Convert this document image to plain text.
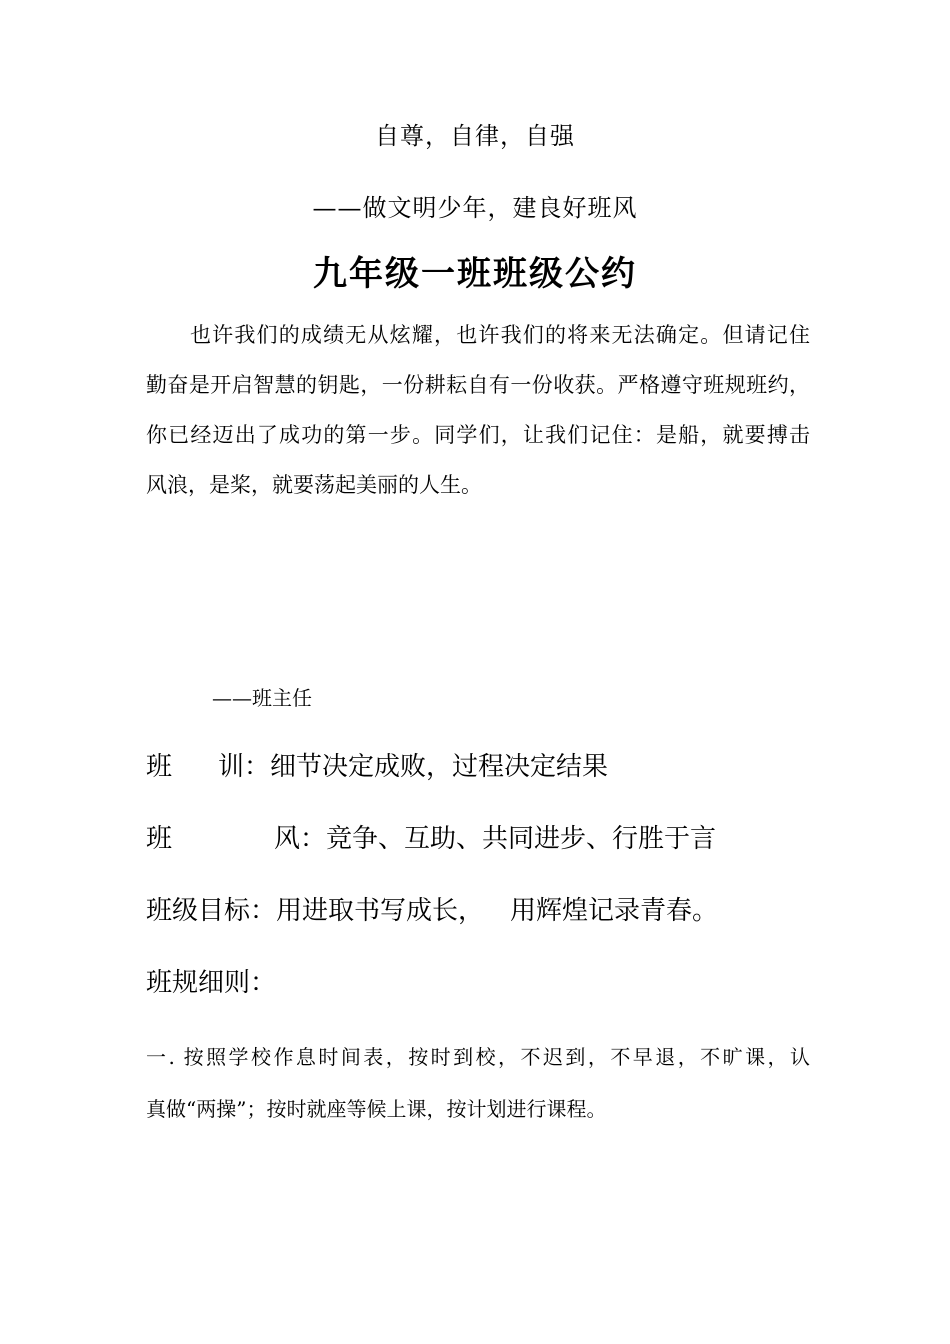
自尊，自律，自强
——做文明少年，建良好班风
九年级一班班级公约
也许我们的成绩无从炫耀，也许我们的将来无法确定。但请记住
勤奋是开启智慧的钥匙，一份耕耘自有一份收获。严格遵守班规班约，
你已经迈出了成功的第一步。同学们，让我们记住：是船，就要搏击
风浪，是桨，就要荡起美丽的人生。
——班主任
班 训：细节决定成败，过程决定结果
班	风：竞争、互助、共同进步、行胜于言
班级目标：用进取书写成长， 用辉煌记录青春。
班规细则：
一. 按照学校作息时间表，按时到校，不迟到，不早退，不旷课，认
真做“两操”；按时就座等候上课，按计划进行课程。
